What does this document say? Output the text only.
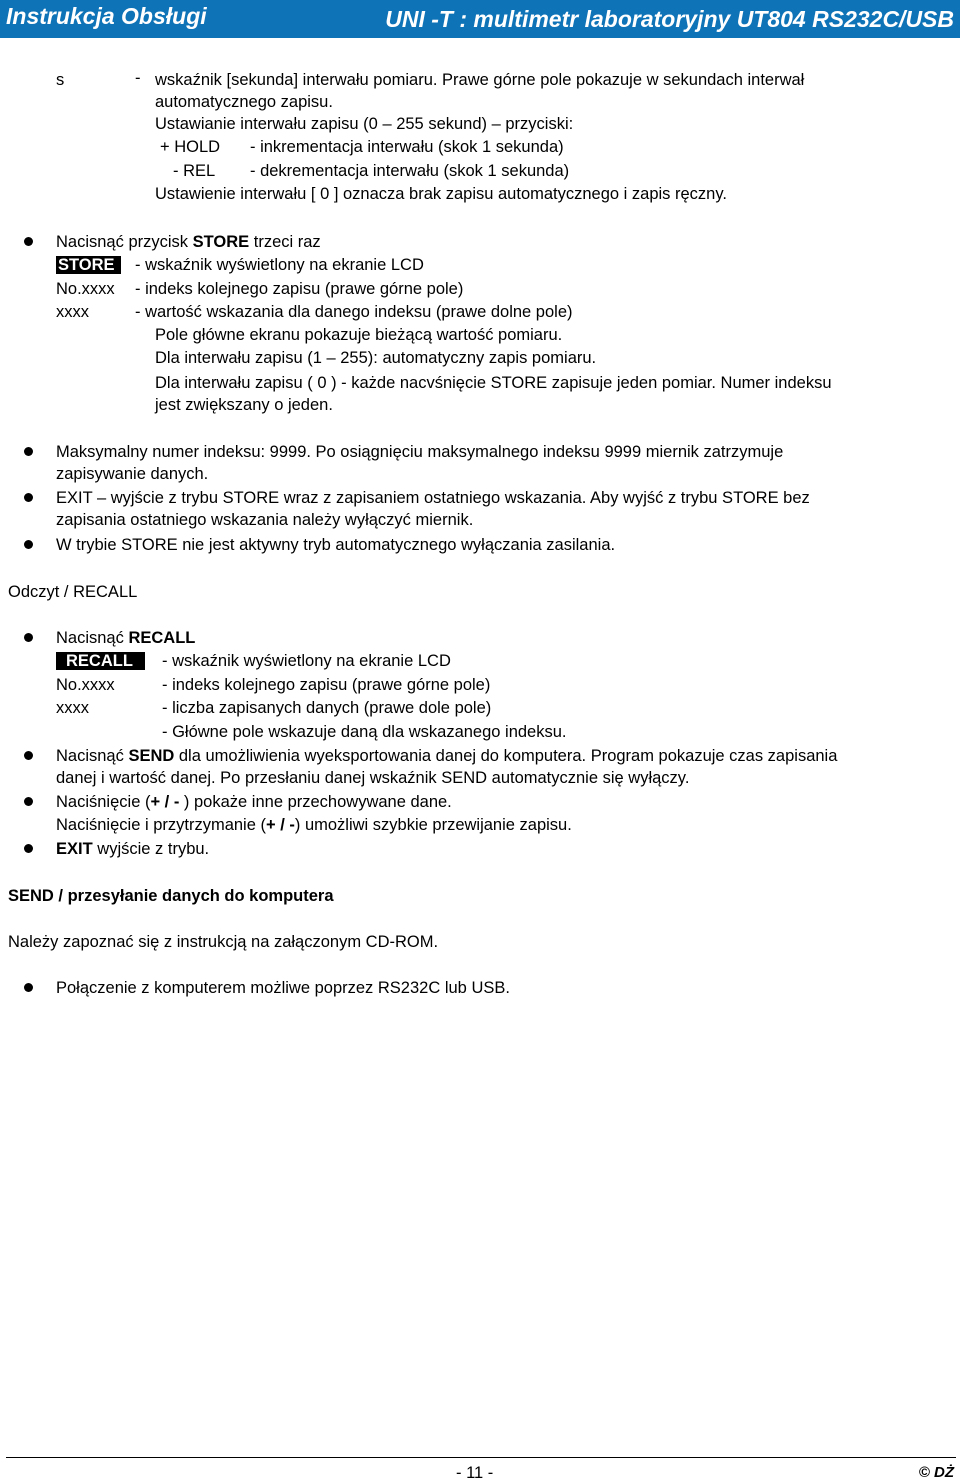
Instrukcja Obsługi	UNI -T : multimetr laboratoryjny UT804 RS232C/USB
s	- wskaźnik [sekunda] interwału pomiaru. Prawe górne pole pokazuje w sekundach interwał
automatycznego zapisu.
Ustawianie interwału zapisu (0 – 255 sekund) – przyciski:
+ HOLD - inkrementacja interwału (skok 1 sekunda)
- REL - dekrementacja interwału (skok 1 sekunda)
Ustawienie interwału [ 0 ] oznacza brak zapisu automatycznego i zapis ręczny.
Nacisnąć przycisk STORE trzeci raz
STORE	- wskaźnik wyświetlony na ekranie LCD
No.xxxx - indeks kolejnego zapisu (prawe górne pole)
xxxx	- wartość wskazania dla danego indeksu (prawe dolne pole)
Pole główne ekranu pokazuje bieżącą wartość pomiaru.
Dla interwału zapisu (1 – 255): automatyczny zapis pomiaru.
Dla interwału zapisu ( 0 ) - każde nacvśnięcie STORE zapisuje jeden pomiar. Numer indeksu
jest zwiększany o jeden.
Maksymalny numer indeksu: 9999. Po osiągnięciu maksymalnego indeksu 9999 miernik zatrzymuje
zapisywanie danych.
EXIT – wyjście z trybu STORE wraz z zapisaniem ostatniego wskazania. Aby wyjść z trybu STORE bez
zapisania ostatniego wskazania należy wyłączyć miernik.
W trybie STORE nie jest aktywny tryb automatycznego wyłączania zasilania.
Odczyt / RECALL
Nacisnąć RECALL
RECALL	- wskaźnik wyświetlony na ekranie LCD
No.xxxx	- indeks kolejnego zapisu (prawe górne pole)
xxxx	- liczba zapisanych danych (prawe dole pole)
- Główne pole wskazuje daną dla wskazanego indeksu.
Nacisnąć SEND dla umożliwienia wyeksportowania danej do komputera. Program pokazuje czas zapisania
danej i wartość danej. Po przesłaniu danej wskaźnik SEND automatycznie się wyłączy.
Naciśnięcie (+ / - ) pokaże inne przechowywane dane.
Naciśnięcie i przytrzymanie (+ / -) umożliwi szybkie przewijanie zapisu.
EXIT wyjście z trybu.
SEND / przesyłanie danych do komputera
Należy zapoznać się z instrukcją na załączonym CD-ROM.
Połączenie z komputerem możliwe poprzez RS232C lub USB.
- 11 -	© DŻ
